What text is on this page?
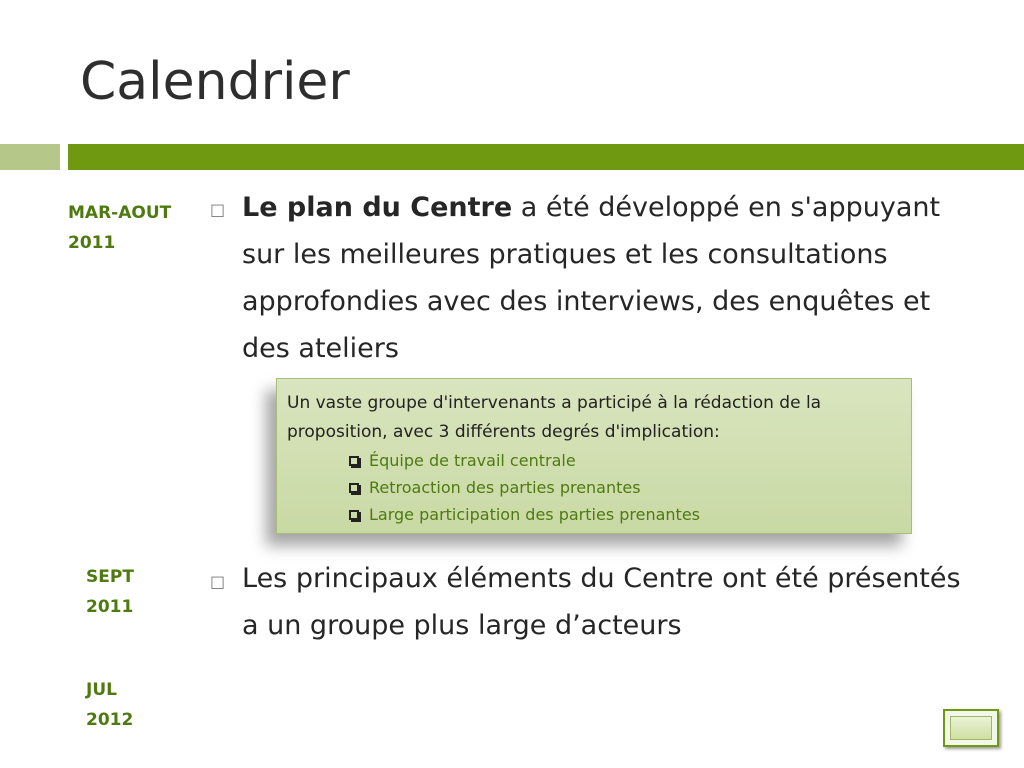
Calendrier
MAR-AOUT
2011
SEPT
2011
JUL
2012
□ Le plan du Centre a été développé en s'appuyant sur les meilleures pratiques et les consultations approfondies avec des interviews, des enquêtes et des ateliers

Un vaste groupe d'intervenants a participé à la rédaction de la proposition, avec 3 différents degrés d'implication:

Équipe de travail centrale
Retroaction des parties prenantes
Large participation des parties prenantes
□ Les principaux éléments du Centre ont été présentés a un groupe plus large d’acteurs
